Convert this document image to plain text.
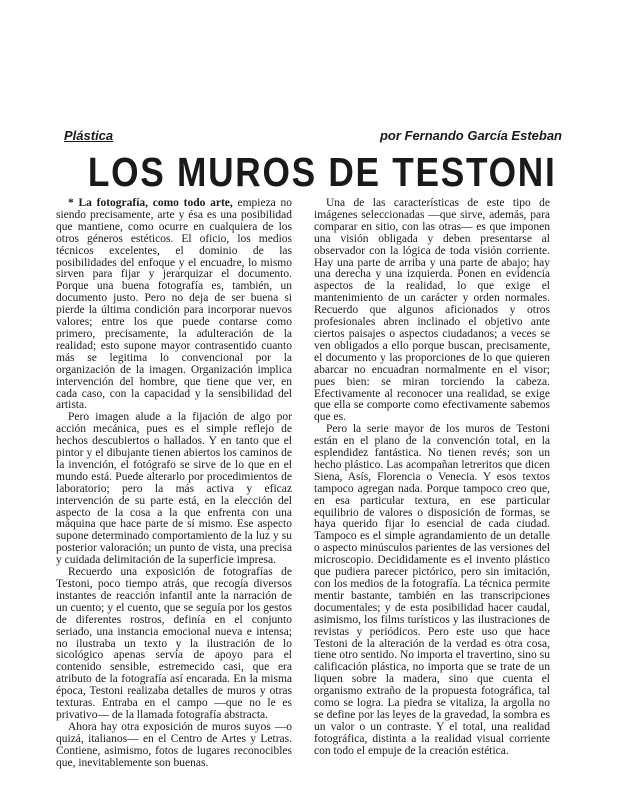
Plástica	por Fernando García Esteban
LOS MUROS DE TESTONI

* La fotografía, como todo arte, empieza no siendo precisamente, arte y ésa es una posibilidad que mantiene, como ocurre en cualquiera de los otros géneros estéticos. El oficio, los medios técnicos excelentes, el dominio de las posibilidades del enfoque y el encuadre, lo mismo sirven para fijar y jerarquizar el documento. Porque una buena fotografía es, también, un documento justo. Pero no deja de ser buena si pierde la última condición para incorporar nuevos valores; entre los que puede contarse como primero, precisamente, la adulteración de la realidad; esto supone mayor contrasentido cuanto más se legitima lo convencional por la organización de la imagen. Organización implica intervención del hombre, que tiene que ver, en cada caso, con la capacidad y la sensibilidad del artista.

Pero imagen alude a la fijación de algo por acción mecánica, pues es el simple reflejo de hechos descubiertos o hallados. Y en tanto que el pintor y el dibujante tienen abiertos los caminos de la invención, el fotógrafo se sirve de lo que en el mundo está. Puede alterarlo por procedimientos de laboratorio; pero la más activa y eficaz intervención de su parte está, en la elección del aspecto de la cosa a la que enfrenta con una máquina que hace parte de sí mismo. Ese aspecto supone determinado comportamiento de la luz y su posterior valoración; un punto de vista, una precisa y cuidada delimitación de la superficie impresa.

Recuerdo una exposición de fotografías de Testoni, poco tiempo atrás, que recogía diversos instantes de reacción infantil ante la narración de un cuento; y el cuento, que se seguía por los gestos de diferentes rostros, definía en el conjunto seriado, una instancia emocional nueva e intensa; no ilustraba un texto y la ilustración de lo sicológico apenas servía de apoyo para el contenido sensible, estremecido casi, que era atributo de la fotografía así encarada. En la misma época, Testoni realizaba detalles de muros y otras texturas. Entraba en el campo —que no le es privativo— de la llamada fotografía abstracta.

Ahora hay otra exposición de muros suyos —o quizá, italianos— en el Centro de Artes y Letras. Contiene, asimismo, fotos de lugares reconocibles que, inevitablemente son buenas.

Una de las características de este tipo de imágenes seleccionadas —que sirve, además, para comparar en sitio, con las otras— es que imponen una visión obligada y deben presentarse al observador con la lógica de toda visión corriente. Hay una parte de arriba y una parte de abajo; hay una derecha y una izquierda. Ponen en evidencia aspectos de la realidad, lo que exige el mantenimiento de un carácter y orden normales. Recuerdo que algunos aficionados y otros profesionales abren inclinado el objetivo ante ciertos paisajes o aspectos ciudadanos; a veces se ven obligados a ello porque buscan, precisamente, el documento y las proporciones de lo que quieren abarcar no encuadran normalmente en el visor; pues bien: se miran torciendo la cabeza. Efectivamente al reconocer una realidad, se exige que ella se comporte como efectivamente sabemos que es.

Pero la serie mayor de los muros de Testoni están en el plano de la convención total, en la esplendidez fantástica. No tienen revés; son un hecho plástico. Las acompañan letreritos que dicen Siena, Asís, Florencia o Venecia. Y esos textos tampoco agregan nada. Porque tampoco creo que, en esa particular textura, en ese particular equilibrio de valores o disposición de formas, se haya querido fijar lo esencial de cada ciudad. Tampoco es el simple agrandamiento de un detalle o aspecto minúsculos parientes de las versiones del microscopio. Decididamente es el invento plástico que pudiera parecer pictórico, pero sin imitación, con los medios de la fotografía. La técnica permite mentir bastante, también en las transcripciones documentales; y de esta posibilidad hacer caudal, asimismo, los films turísticos y las ilustraciones de revistas y periódicos. Pero este uso que hace Testoni de la alteración de la verdad es otra cosa, tiene otro sentido. No importa el travertino, sino su calificación plástica, no importa que se trate de un liquen sobre la madera, sino que cuenta el organismo extraño de la propuesta fotográfica, tal como se logra. La piedra se vitaliza, la argolla no se define por las leyes de la gravedad, la sombra es un valor o un contraste. Y el total, una realidad fotográfica, distinta a la realidad visual corriente con todo el empuje de la creación estética.
